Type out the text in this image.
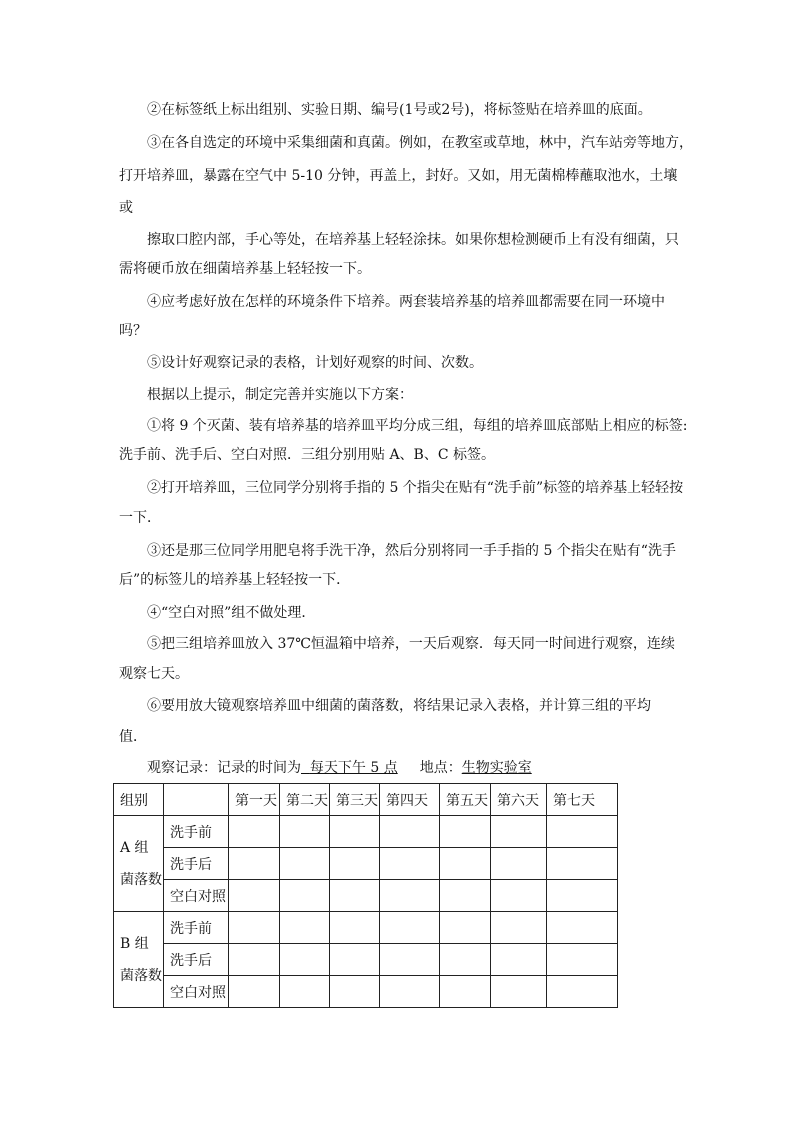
②在标签纸上标出组别、实验日期、编号(1号或2号)，将标签贴在培养皿的底面。
③在各自选定的环境中采集细菌和真菌。例如，在教室或草地，林中，汽车站旁等地方，
打开培养皿，暴露在空气中 5-10 分钟，再盖上，封好。又如，用无菌棉棒蘸取池水，土壤
或
擦取口腔内部，手心等处，在培养基上轻轻涂抹。如果你想检测硬币上有没有细菌，只
需将硬币放在细菌培养基上轻轻按一下。
④应考虑好放在怎样的环境条件下培养。两套装培养基的培养皿都需要在同一环境中
吗？
⑤设计好观察记录的表格，计划好观察的时间、次数。
根据以上提示，制定完善并实施以下方案：
①将 9 个灭菌、装有培养基的培养皿平均分成三组，每组的培养皿底部贴上相应的标签:
洗手前、洗手后、空白对照．三组分别用贴 A、B、C 标签。
②打开培养皿，三位同学分别将手指的 5 个指尖在贴有“洗手前”标签的培养基上轻轻按
一下．
③还是那三位同学用肥皂将手洗干净，然后分别将同一手手指的 5 个指尖在贴有“洗手
后”的标签儿的培养基上轻轻按一下．
④“空白对照”组不做处理．
⑤把三组培养皿放入 37℃恒温箱中培养，一天后观察．每天同一时间进行观察，连续
观察七天。
⑥要用放大镜观察培养皿中细菌的菌落数，将结果记录入表格，并计算三组的平均
值．
观察记录：记录的时间为 每天下午 5 点 地点：生物实验室
组别		第一天	第二天	第三天	第四天	第五天	第六天	第七天

A 组
菌落数	洗手前							
	洗手后							
	空白对照							

B 组
菌落数	洗手前							
	洗手后							
	空白对照							
